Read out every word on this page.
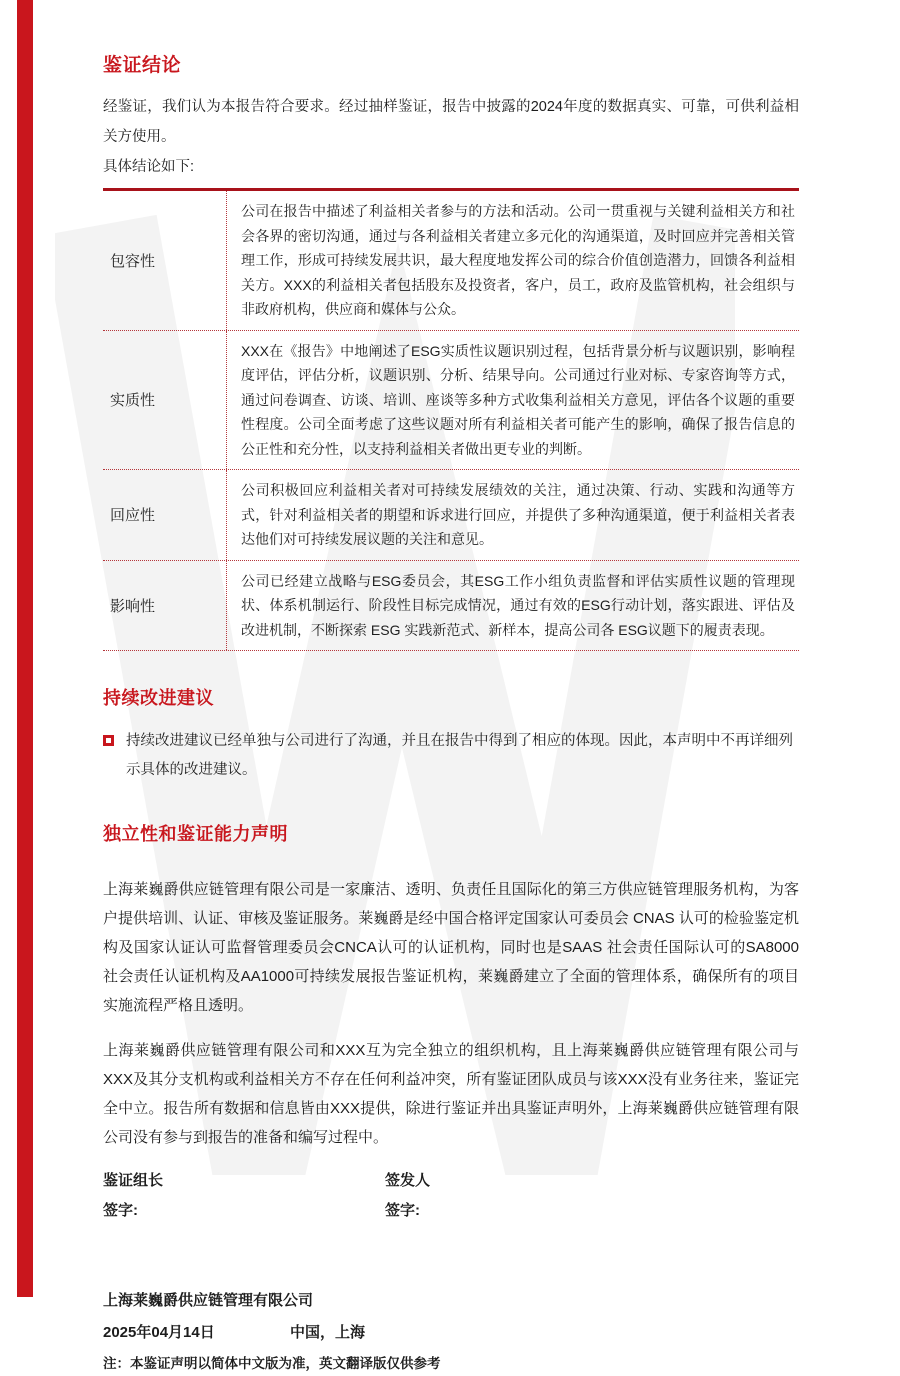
鉴证结论

经鉴证，我们认为本报告符合要求。经过抽样鉴证，报告中披露的2024年度的数据真实、可靠，可供利益相关方使用。

具体结论如下:

包容性
公司在报告中描述了利益相关者参与的方法和活动。公司一贯重视与关键利益相关方和社会各界的密切沟通，通过与各利益相关者建立多元化的沟通渠道，及时回应并完善相关管理工作，形成可持续发展共识，最大程度地发挥公司的综合价值创造潜力，回馈各利益相关方。XXX的利益相关者包括股东及投资者，客户，员工，政府及监管机构，社会组织与非政府机构，供应商和媒体与公众。
实质性
XXX在《报告》中地阐述了ESG实质性议题识别过程，包括背景分析与议题识别，影响程度评估，评估分析，议题识别、分析、结果导向。公司通过行业对标、专家咨询等方式，通过问卷调查、访谈、培训、座谈等多种方式收集利益相关方意见，评估各个议题的重要性程度。公司全面考虑了这些议题对所有利益相关者可能产生的影响，确保了报告信息的公正性和充分性，以支持利益相关者做出更专业的判断。
回应性
公司积极回应利益相关者对可持续发展绩效的关注，通过决策、行动、实践和沟通等方式，针对利益相关者的期望和诉求进行回应，并提供了多种沟通渠道，便于利益相关者表达他们对可持续发展议题的关注和意见。
影响性
公司已经建立战略与ESG委员会，其ESG工作小组负责监督和评估实质性议题的管理现状、体系机制运行、阶段性目标完成情况，通过有效的ESG行动计划，落实跟进、评估及改进机制，不断探索 ESG 实践新范式、新样本，提高公司各 ESG议题下的履责表现。
持续改进建议
持续改进建议已经单独与公司进行了沟通，并且在报告中得到了相应的体现。因此，本声明中不再详细列示具体的改进建议。
独立性和鉴证能力声明

上海莱巍爵供应链管理有限公司是一家廉洁、透明、负责任且国际化的第三方供应链管理服务机构，为客户提供培训、认证、审核及鉴证服务。莱巍爵是经中国合格评定国家认可委员会 CNAS 认可的检验鉴定机构及国家认证认可监督管理委员会CNCA认可的认证机构，同时也是SAAS 社会责任国际认可的SA8000 社会责任认证机构及AA1000可持续发展报告鉴证机构，莱巍爵建立了全面的管理体系，确保所有的项目实施流程严格且透明。

上海莱巍爵供应链管理有限公司和XXX互为完全独立的组织机构，且上海莱巍爵供应链管理有限公司与XXX及其分支机构或利益相关方不存在任何利益冲突，所有鉴证团队成员与该XXX没有业务往来，鉴证完全中立。报告所有数据和信息皆由XXX提供，除进行鉴证并出具鉴证声明外，上海莱巍爵供应链管理有限公司没有参与到报告的准备和编写过程中。

鉴证组长	签发人
签字:	签字:
上海莱巍爵供应链管理有限公司
2025年04月14日	中国，上海
注：本鉴证声明以简体中文版为准，英文翻译版仅供参考
